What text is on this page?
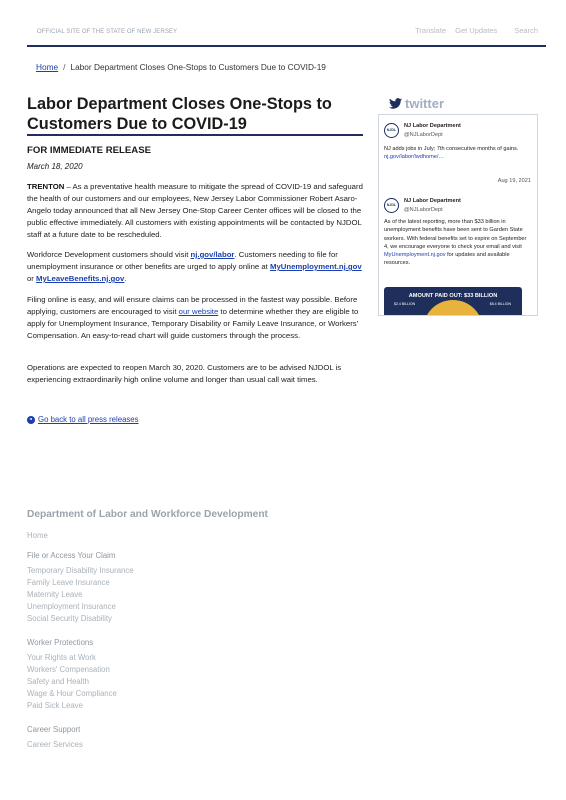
OFFICIAL SITE OF THE STATE OF NEW JERSEY	Translate Get Updates Search
Home / Labor Department Closes One-Stops to Customers Due to COVID-19
Labor Department Closes One-Stops to Customers Due to COVID-19
FOR IMMEDIATE RELEASE
March 18, 2020
TRENTON – As a preventative health measure to mitigate the spread of COVID-19 and safeguard the health of our customers and our employees, New Jersey Labor Commissioner Robert Asaro-Angelo today announced that all New Jersey One-Stop Career Center offices will be closed to the public effective immediately. All customers with existing appointments will be contacted by NJDOL staff at a future date to be rescheduled.
Workforce Development customers should visit nj.gov/labor. Customers needing to file for unemployment insurance or other benefits are urged to apply online at MyUnemployment.nj.gov or MyLeaveBenefits.nj.gov.
Filing online is easy, and will ensure claims can be processed in the fastest way possible. Before applying, customers are encouraged to visit our website to determine whether they are eligible to apply for Unemployment Insurance, Temporary Disability or Family Leave Insurance, or Workers’ Compensation. An easy-to-read chart will guide customers through the process.
Operations are expected to reopen March 30, 2020. Customers are to be advised NJDOL is experiencing extraordinarily high online volume and longer than usual call wait times.
Go back to all press releases
twitter
NJDL
NJ Labor Department
@NJLaborDept
NJ adds jobs in July; 7th consecutive months of gains. nj.gov/labor/lwdhome/…
Aug 19, 2021
NJDL
NJ Labor Department
@NJLaborDept
As of the latest reporting, more than $33 billion in unemployment benefits have been sent to Garden State workers. With federal benefits set to expire on September 4, we encourage everyone to check your email and visit MyUnemployment.nj.gov for updates and available resources.
AMOUNT PAID OUT: $33 BILLION
$2.4 BILLION	$8.4 BILLION
Department of Labor and Workforce Development
Home
File or Access Your Claim
Temporary Disability Insurance
Family Leave Insurance
Maternity Leave
Unemployment Insurance
Social Security Disability
Worker Protections
Your Rights at Work
Workers' Compensation
Safety and Health
Wage & Hour Compliance
Paid Sick Leave
Career Support
Career Services
